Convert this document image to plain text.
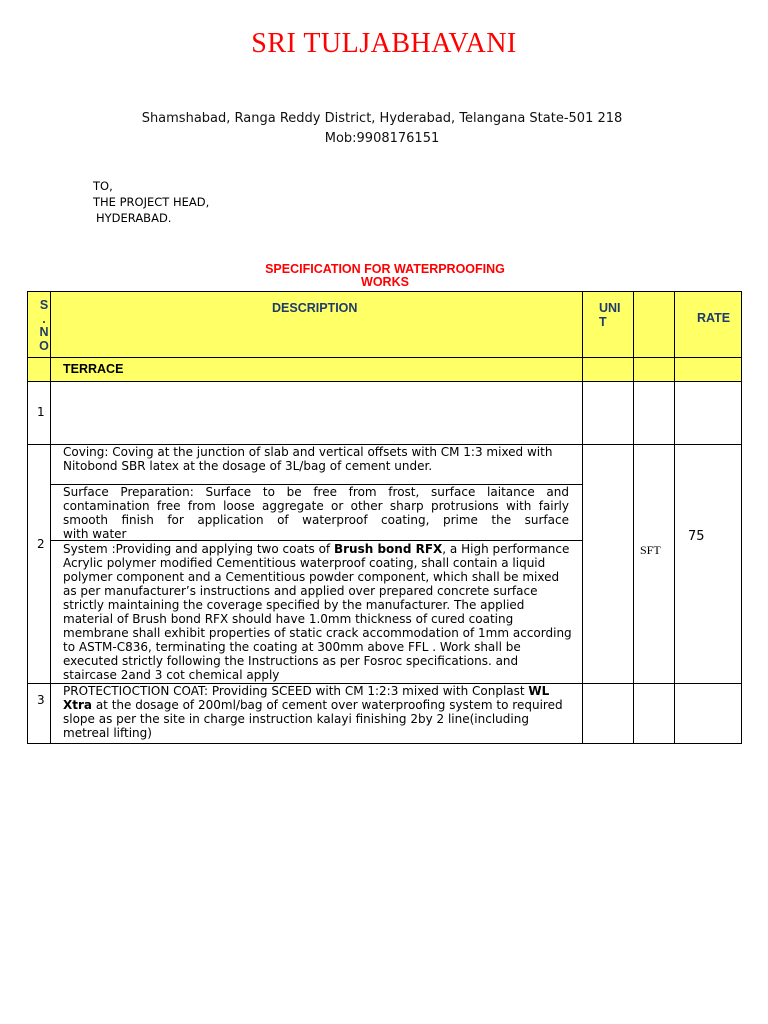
SRI TULJABHAVANI
Shamshabad, Ranga Reddy District, Hyderabad, Telangana State-501 218
Mob:9908176151
TO,
THE PROJECT HEAD,
HYDERABAD.
SPECIFICATION FOR WATERPROOFING
WORKS
S
.
N
O
DESCRIPTION	UNI
T	RATE
TERRACE
1
2
Coving: Coving at the junction of slab and vertical offsets with CM 1:3 mixed with Nitobond SBR latex at the dosage of 3L/bag of cement under.
Surface Preparation: Surface to be free from frost, surface laitance and contamination free from loose aggregate or other sharp protrusions with fairly smooth finish for application of waterproof coating, prime the surface
with water
System :Providing and applying two coats of Brush bond RFX, a High performance Acrylic polymer modified Cementitious waterproof coating, shall contain a liquid polymer component and a Cementitious powder component, which shall be mixed as per manufacturer’s instructions and applied over prepared concrete surface strictly maintaining the coverage specified by the manufacturer. The applied material of Brush bond RFX should have 1.0mm thickness of cured coating membrane shall exhibit properties of static crack accommodation of 1mm according to ASTM-C836, terminating the coating at 300mm above FFL . Work shall be executed strictly following the Instructions as per Fosroc specifications. and staircase 2and 3 cot chemical apply
SFT
75
3
PROTECTIOCTION COAT: Providing SCEED with CM 1:2:3 mixed with Conplast WL Xtra at the dosage of 200ml/bag of cement over waterproofing system to required slope as per the site in charge instruction kalayi finishing 2by 2 line(including metreal lifting)
